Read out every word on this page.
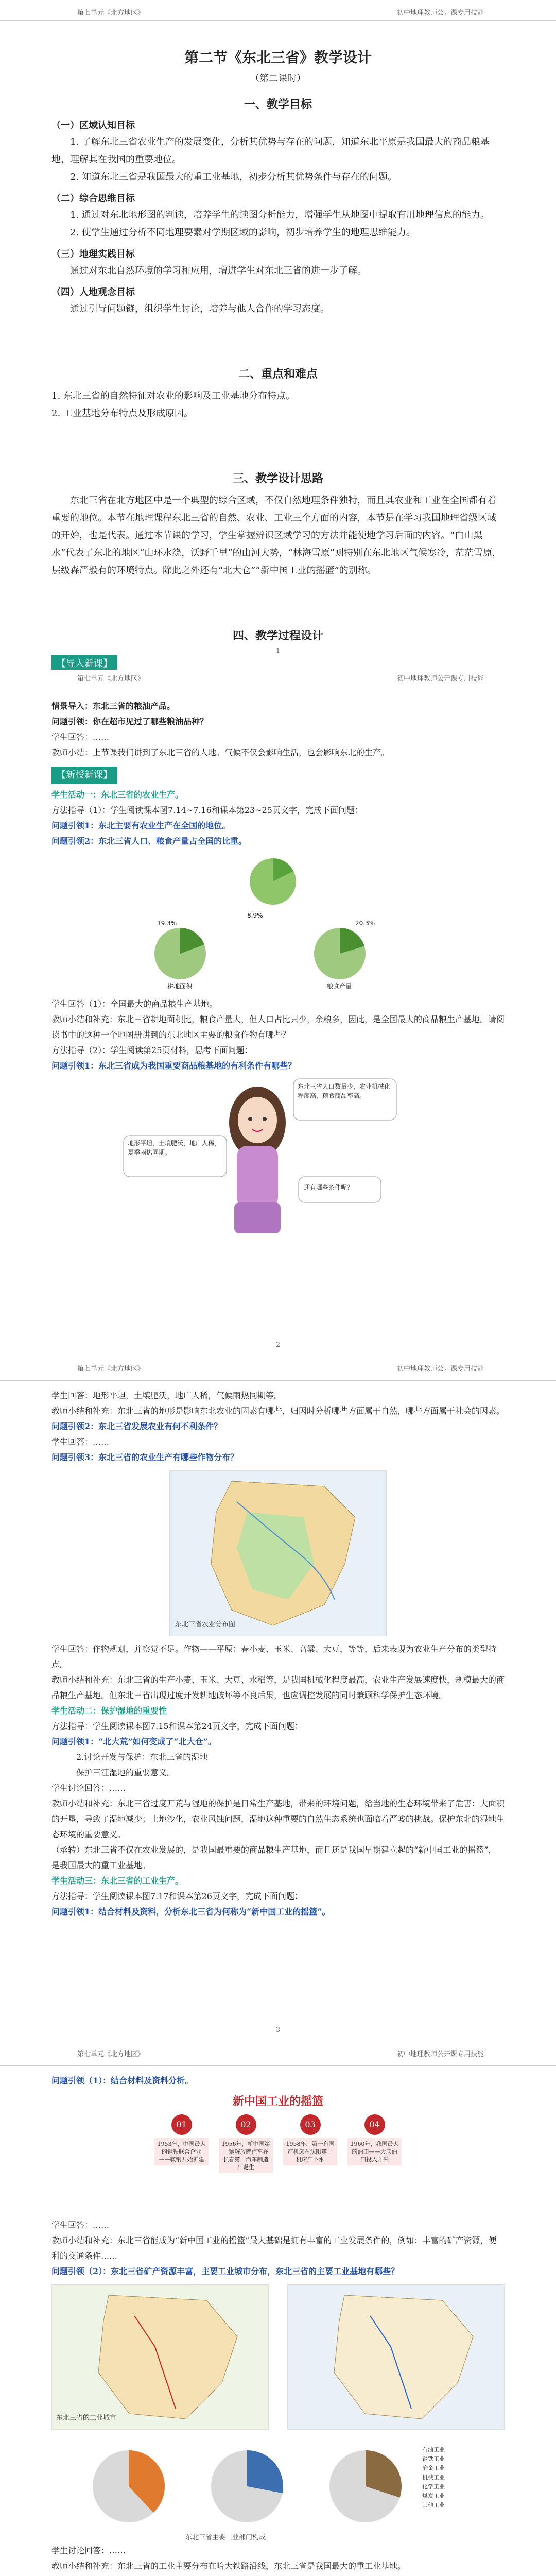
第七单元《北方地区》	初中地理教师公开课专用技能
第二节《东北三省》教学设计
（第二课时）
一、教学目标
（一）区域认知目标

1. 了解东北三省农业生产的发展变化，分析其优势与存在的问题，知道东北平原是我国最大的商品粮基地，理解其在我国的重要地位。

2. 知道东北三省是我国最大的重工业基地，初步分析其优势条件与存在的问题。

（二）综合思维目标

1. 通过对东北地形图的判读，培养学生的读图分析能力，增强学生从地图中提取有用地理信息的能力。

2. 使学生通过分析不同地理要素对学期区域的影响，初步培养学生的地理思维能力。

（三）地理实践目标

通过对东北自然环境的学习和应用，增进学生对东北三省的进一步了解。

（四）人地观念目标

通过引导问题链，组织学生讨论，培养与他人合作的学习态度。

二、重点和难点

1. 东北三省的自然特征对农业的影响及工业基地分布特点。

2. 工业基地分布特点及形成原因。

三、教学设计思路

东北三省在北方地区中是一个典型的综合区域，不仅自然地理条件独特，而且其农业和工业在全国都有着重要的地位。本节在地理课程东北三省的自然、农业、工业三个方面的内容，本节是在学习我国地理省级区域的开始，也是代表。通过本节课的学习，学生掌握辨识区域学习的方法并能使地学习后面的内容。“白山黑水”代表了东北的地区“山环水绕，沃野千里”的山河大势，“林海雪原”则特别在东北地区气候寒冷，茫茫雪原，层级森严般有的环境特点。除此之外还有“北大仓”“新中国工业的摇篮”的别称。

四、教学过程设计
【导入新课】
1
第七单元《北方地区》	初中地理教师公开课专用技能

情景导入：东北三省的粮油产品。

问题引领：你在超市见过了哪些粮油品种？

学生回答：……

教师小结：上节课我们讲到了东北三省的人地。气候不仅会影响生活，也会影响东北的生产。

【新授新课】

学生活动一：东北三省的农业生产。

方法指导（1）：学生阅读课本图7.14~7.16和课本第23~25页文字，完成下面问题：

问题引领1：东北主要有农业生产在全国的地位。

问题引领2：东北三省人口、粮食产量占全国的比重。

8.9%
19.3%
耕地面积
20.3%
粮食产量

学生回答（1）：全国最大的商品粮生产基地。

教师小结和补充：东北三省耕地面积比，粮食产量大，但人口占比只少，余粮多，因此，是全国最大的商品粮生产基地。请阅读书中的这种一个地图册讲到的东北地区主要的粮食作物有哪些？

方法指导（2）：学生阅读第25页材料，思考下面问题：

问题引领1：东北三省成为我国重要商品粮基地的有利条件有哪些？

东北三省人口数量少，农业机械化程度高，粮食商品率高。
地形平坦，土壤肥沃，地广人稀，夏季雨热同期。
还有哪些条件呢？
2
第七单元《北方地区》	初中地理教师公开课专用技能

学生回答：地形平坦，土壤肥沃，地广人稀，气候雨热同期等。

教师小结和补充：东北三省的地形是影响东北农业的因素有哪些，归因时分析哪些方面属于自然，哪些方面属于社会的因素。

问题引领2：东北三省发展农业有何不利条件？

学生回答：……

问题引领3：东北三省的农业生产有哪些作物分布？

东北三省农业分布图

学生回答：作物规划，并察觉不足。作物——平原：春小麦、玉米、高粱、大豆，等等，后来表现为农业生产分布的类型特点。

教师小结和补充：东北三省的生产小麦、玉米、大豆、水稻等，是我国机械化程度最高，农业生产发展速度快，规模最大的商品粮生产基地。但东北三省出现过度开发耕地破坏等不良后果，也应调控发展的同时兼顾科学保护生态环境。

学生活动二：保护湿地的重要性

方法指导：学生阅读课本图7.15和课本第24页文字，完成下面问题：

问题引领1：“北大荒”如何变成了“北大仓”。

2.讨论开发与保护：东北三省的湿地

保护三江湿地的重要意义。

学生讨论回答：……

教师小结和补充：东北三省过度开荒与湿地的保护是日常生产基地，带来的环境问题，给当地的生态环境带来了危害：大面积的开垦，导致了湿地减少；土地沙化，农业风蚀问题，湿地这种重要的自然生态系统也面临着严峻的挑战。保护东北的湿地生态环境的重要意义。

（承转）东北三省不仅在农业发展的，是我国最重要的商品粮生产基地，而且还是我国早期建立起的“新中国工业的摇篮”，是我国最大的重工业基地。

学生活动三：东北三省的工业生产。

方法指导：学生阅读课本图7.17和课本第26页文字，完成下面问题：

问题引领1：结合材料及资料，分析东北三省为何称为“新中国工业的摇篮”。

3
第七单元《北方地区》	初中地理教师公开课专用技能

问题引领（1）：结合材料及资料分析。

新中国工业的摇篮
01
1953年，中国最大的钢铁联合企业——鞍钢开始扩建
02
1956年，新中国第一辆解放牌汽车在长春第一汽车制造厂诞生
03
1958年，第一台国产机床在沈阳第一机床厂下水
04
1960年，我国最大的油田——大庆油田投入开采

学生回答：……

教师小结和补充：东北三省能成为“新中国工业的摇篮”最大基础是拥有丰富的工业发展条件的，例如：丰富的矿产资源，便利的交通条件……

问题引领（2）：东北三省矿产资源丰富，主要工业城市分布，东北三省的主要工业基地有哪些？

东北三省的工业城市
石油工业
钢铁工业
冶金工业
机械工业
化学工业
煤炭工业
其他工业
东北三省主要工业部门构成

学生讨论回答：……

教师小结和补充：东北三省的工业主要分布在哈大铁路沿线，东北三省是我国最大的重工业基地。
